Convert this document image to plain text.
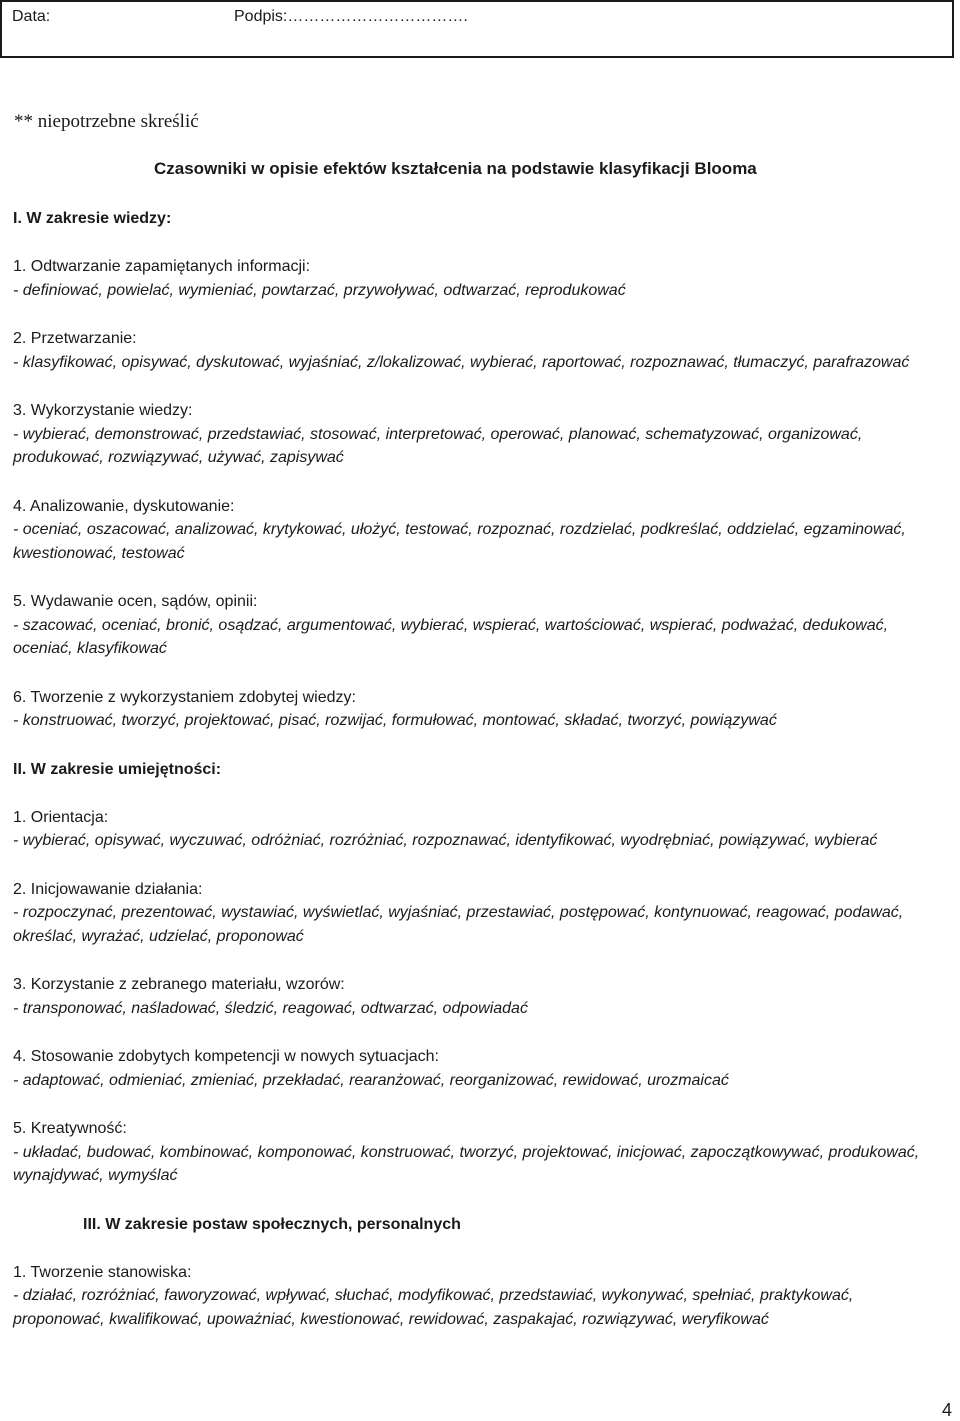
Data:	Podpis:…………………………….
** niepotrzebne skreślić
Czasowniki w opisie efektów kształcenia na podstawie klasyfikacji Blooma
I. W zakresie wiedzy:
1. Odtwarzanie zapamiętanych informacji:
- definiować, powielać, wymieniać, powtarzać, przywoływać, odtwarzać, reprodukować
2. Przetwarzanie:
- klasyfikować, opisywać, dyskutować, wyjaśniać, z/lokalizować, wybierać, raportować, rozpoznawać, tłumaczyć, parafrazować
3. Wykorzystanie wiedzy:
- wybierać, demonstrować, przedstawiać, stosować, interpretować, operować, planować, schematyzować, organizować, produkować, rozwiązywać, używać, zapisywać
4. Analizowanie, dyskutowanie:
- oceniać, oszacować, analizować, krytykować, ułożyć, testować, rozpoznać, rozdzielać, podkreślać, oddzielać, egzaminować, kwestionować, testować
5. Wydawanie ocen, sądów, opinii:
- szacować, oceniać, bronić, osądzać, argumentować, wybierać, wspierać, wartościować, wspierać, podważać, dedukować, oceniać, klasyfikować
6. Tworzenie z wykorzystaniem zdobytej wiedzy:
- konstruować, tworzyć, projektować, pisać, rozwijać, formułować, montować, składać, tworzyć, powiązywać
II. W zakresie umiejętności:
1. Orientacja:
- wybierać, opisywać, wyczuwać, odróżniać, rozróżniać, rozpoznawać, identyfikować, wyodrębniać, powiązywać, wybierać
2. Inicjowawanie działania:
- rozpoczynać, prezentować, wystawiać, wyświetlać, wyjaśniać, przestawiać, postępować, kontynuować, reagować, podawać, określać, wyrażać, udzielać, proponować
3. Korzystanie z zebranego materiału, wzorów:
- transponować, naśladować, śledzić, reagować, odtwarzać, odpowiadać
4. Stosowanie zdobytych kompetencji w nowych sytuacjach:
- adaptować, odmieniać, zmieniać, przekładać, rearanżować, reorganizować, rewidować, urozmaicać
5. Kreatywność:
- układać, budować, kombinować, komponować, konstruować, tworzyć, projektować, inicjować, zapoczątkowywać, produkować, wynajdywać, wymyślać
III. W zakresie postaw społecznych, personalnych
1. Tworzenie stanowiska:
- działać, rozróżniać, faworyzować, wpływać, słuchać, modyfikować, przedstawiać, wykonywać, spełniać, praktykować, proponować, kwalifikować, upoważniać, kwestionować, rewidować, zaspakajać, rozwiązywać, weryfikować
4
